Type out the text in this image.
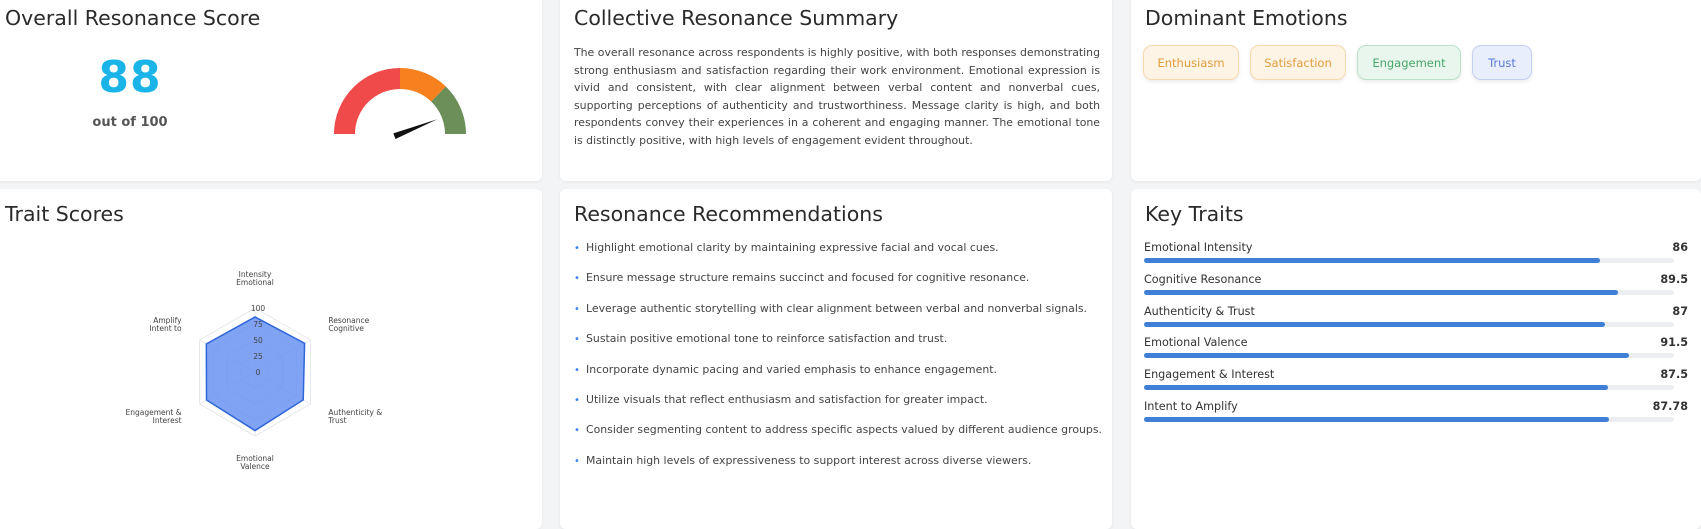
Overall Resonance Score
88
out of 100
Collective Resonance Summary
The overall resonance across respondents is highly positive, with both responses demonstrating strong enthusiasm and satisfaction regarding their work environment. Emotional expression is vivid and consistent, with clear alignment between verbal content and nonverbal cues, supporting perceptions of authenticity and trustworthiness. Message clarity is high, and both respondents convey their experiences in a coherent and engaging manner. The emotional tone is distinctly positive, with high levels of engagement evident throughout.
Dominant Emotions
Enthusiasm	Satisfaction	Engagement	Trust
Trait Scores
100
75
50
25
0
Intensity
Emotional
Resonance
Cognitive
Authenticity &
Trust
Emotional
Valence
Engagement &
Interest
Amplify
Intent to
Resonance Recommendations
• Highlight emotional clarity by maintaining expressive facial and vocal cues.
• Ensure message structure remains succinct and focused for cognitive resonance.
• Leverage authentic storytelling with clear alignment between verbal and nonverbal signals.
• Sustain positive emotional tone to reinforce satisfaction and trust.
• Incorporate dynamic pacing and varied emphasis to enhance engagement.
• Utilize visuals that reflect enthusiasm and satisfaction for greater impact.
• Consider segmenting content to address specific aspects valued by different audience groups.
• Maintain high levels of expressiveness to support interest across diverse viewers.
Key Traits
Emotional Intensity	86
Cognitive Resonance	89.5
Authenticity & Trust	87
Emotional Valence	91.5
Engagement & Interest	87.5
Intent to Amplify	87.78
